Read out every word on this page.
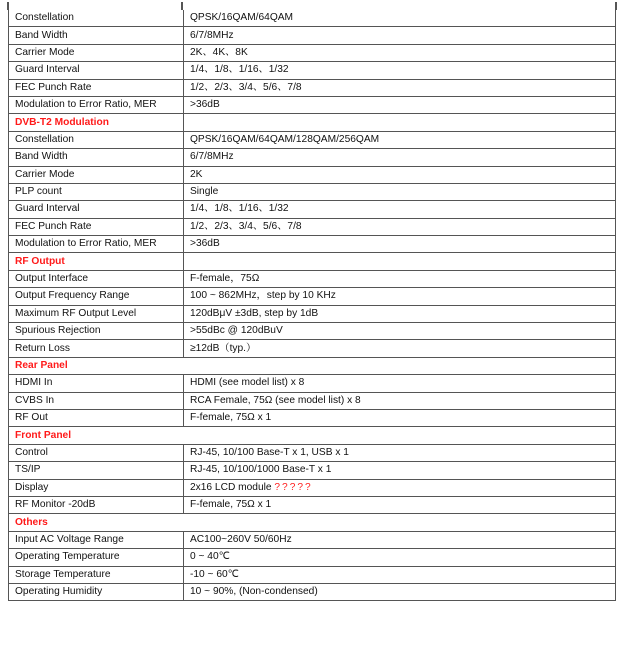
Constellation	QPSK/16QAM/64QAM
Band Width	6/7/8MHz
Carrier Mode	2K、4K、8K
Guard Interval	1/4、1/8、1/16、1/32
FEC Punch Rate	1/2、2/3、3/4、5/6、7/8
Modulation to Error Ratio, MER	>36dB
DVB-T2 Modulation	
Constellation	QPSK/16QAM/64QAM/128QAM/256QAM
Band Width	6/7/8MHz
Carrier Mode	2K
PLP count	Single
Guard Interval	1/4、1/8、1/16、1/32
FEC Punch Rate	1/2、2/3、3/4、5/6、7/8
Modulation to Error Ratio, MER	>36dB
RF Output	
Output Interface	F-female，75Ω
Output Frequency Range	100 ~ 862MHz，step by 10 KHz
Maximum RF Output Level	120dBμV ±3dB, step by 1dB
Spurious Rejection	>55dBc @ 120dBuV
Return Loss	≥12dB（typ.）
Rear Panel	
HDMI In	HDMI (see model list) x 8
CVBS In	RCA Female, 75Ω (see model list) x 8
RF Out	F-female, 75Ω x 1
Front Panel	
Control	RJ-45, 10/100 Base-T x 1, USB x 1
TS/IP	RJ-45, 10/100/1000 Base-T x 1
Display	2x16 LCD module ?????
RF Monitor -20dB	F-female, 75Ω x 1
Others	
Input AC Voltage Range	AC100~260V 50/60Hz
Operating Temperature	0 ~ 40℃
Storage Temperature	-10 ~ 60℃
Operating Humidity	10 ~ 90%, (Non-condensed)
